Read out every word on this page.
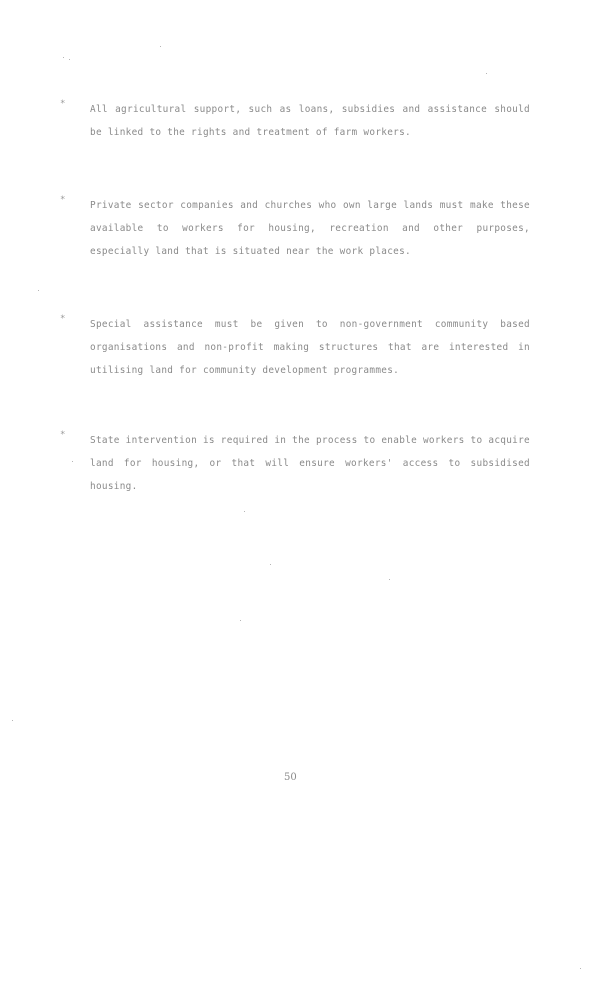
*	All agricultural support, such as loans, subsidies and assistance should be linked to the rights and treatment of farm workers.

*	Private sector companies and churches who own large lands must make these available to workers for housing, recreation and other purposes, especially land that is situated near the work places.

*	Special assistance must be given to non-government community based organisations and non-profit making structures that are interested in utilising land for community development programmes.

*	State intervention is required in the process to enable workers to acquire land for housing, or that will ensure workers' access to subsidised housing.

50
